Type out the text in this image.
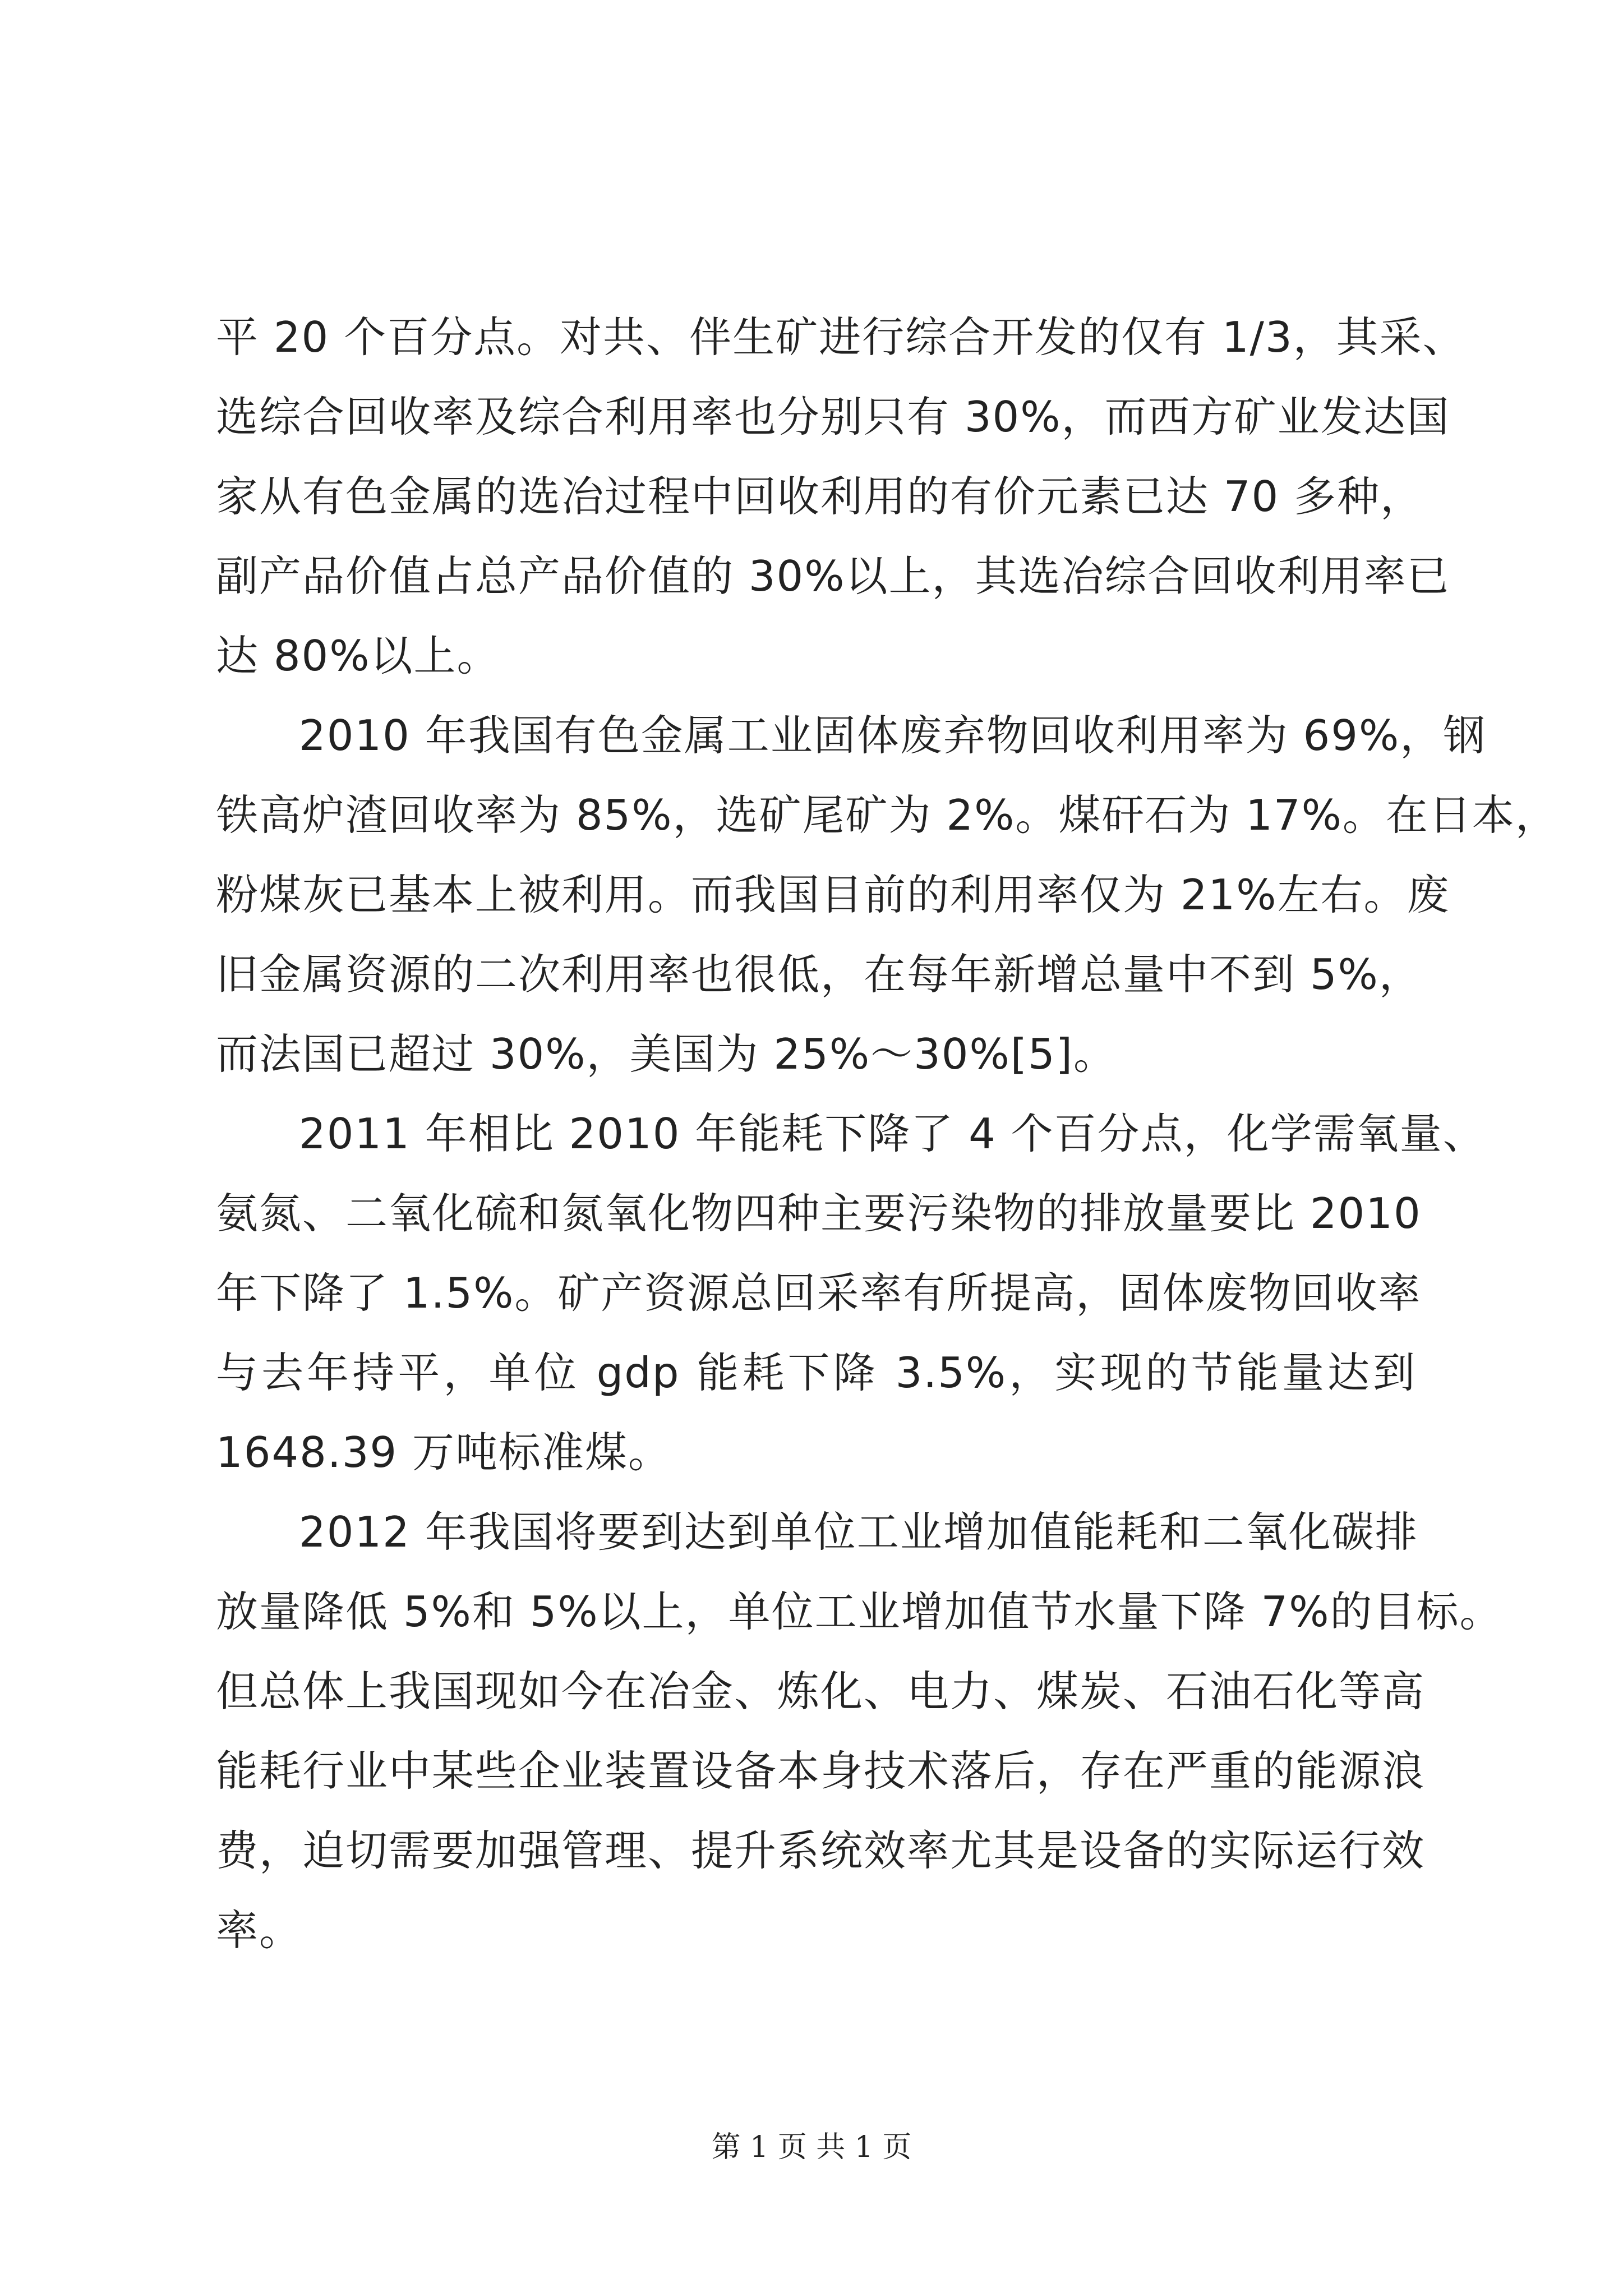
平 20 个百分点。对共、伴生矿进行综合开发的仅有 1/3，其采、
选综合回收率及综合利用率也分别只有 30%，而西方矿业发达国
家从有色金属的选冶过程中回收利用的有价元素已达 70 多种，
副产品价值占总产品价值的 30%以上，其选冶综合回收利用率已
达 80%以上。
2010 年我国有色金属工业固体废弃物回收利用率为 69%，钢
铁高炉渣回收率为 85%，选矿尾矿为 2%。煤矸石为 17%。在日本，
粉煤灰已基本上被利用。而我国目前的利用率仅为 21%左右。废
旧金属资源的二次利用率也很低，在每年新增总量中不到 5%，
而法国已超过 30%，美国为 25%～30%[5]。
2011 年相比 2010 年能耗下降了 4 个百分点，化学需氧量、
氨氮、二氧化硫和氮氧化物四种主要污染物的排放量要比 2010
年下降了 1.5%。矿产资源总回采率有所提高，固体废物回收率
与去年持平，单位 gdp 能耗下降 3.5%，实现的节能量达到
1648.39 万吨标准煤。
2012 年我国将要到达到单位工业增加值能耗和二氧化碳排
放量降低 5%和 5%以上，单位工业增加值节水量下降 7%的目标。
但总体上我国现如今在冶金、炼化、电力、煤炭、石油石化等高
能耗行业中某些企业装置设备本身技术落后，存在严重的能源浪
费，迫切需要加强管理、提升系统效率尤其是设备的实际运行效
率。
第 1 页 共 1 页
